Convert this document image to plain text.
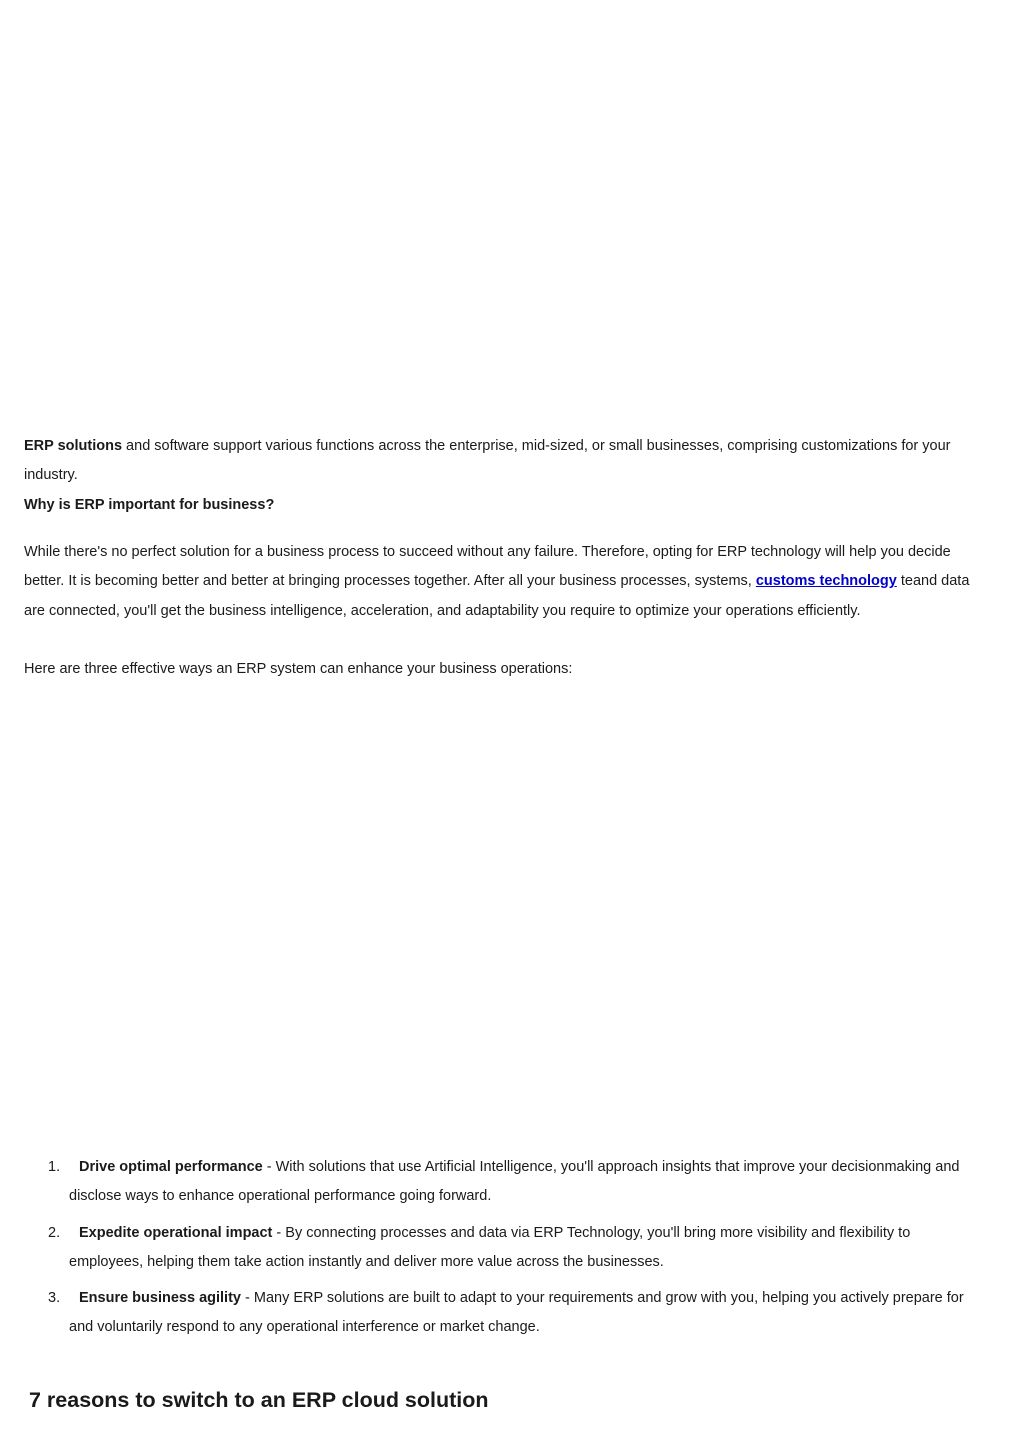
ERP solutions and software support various functions across the enterprise, mid-sized, or small businesses, comprising customizations for your industry.
Why is ERP important for business?
While there's no perfect solution for a business process to succeed without any failure. Therefore, opting for ERP technology will help you decide better. It is becoming better and better at bringing processes together. After all your business processes, systems, customs technology teand data are connected, you'll get the business intelligence, acceleration, and adaptability you require to optimize your operations efficiently.
Here are three effective ways an ERP system can enhance your business operations:
1. Drive optimal performance - With solutions that use Artificial Intelligence, you'll approach insights that improve your decisionmaking and disclose ways to enhance operational performance going forward.
2. Expedite operational impact - By connecting processes and data via ERP Technology, you'll bring more visibility and flexibility to employees, helping them take action instantly and deliver more value across the businesses.
3. Ensure business agility - Many ERP solutions are built to adapt to your requirements and grow with you, helping you actively prepare for and voluntarily respond to any operational interference or market change.
7 reasons to switch to an ERP cloud solution
